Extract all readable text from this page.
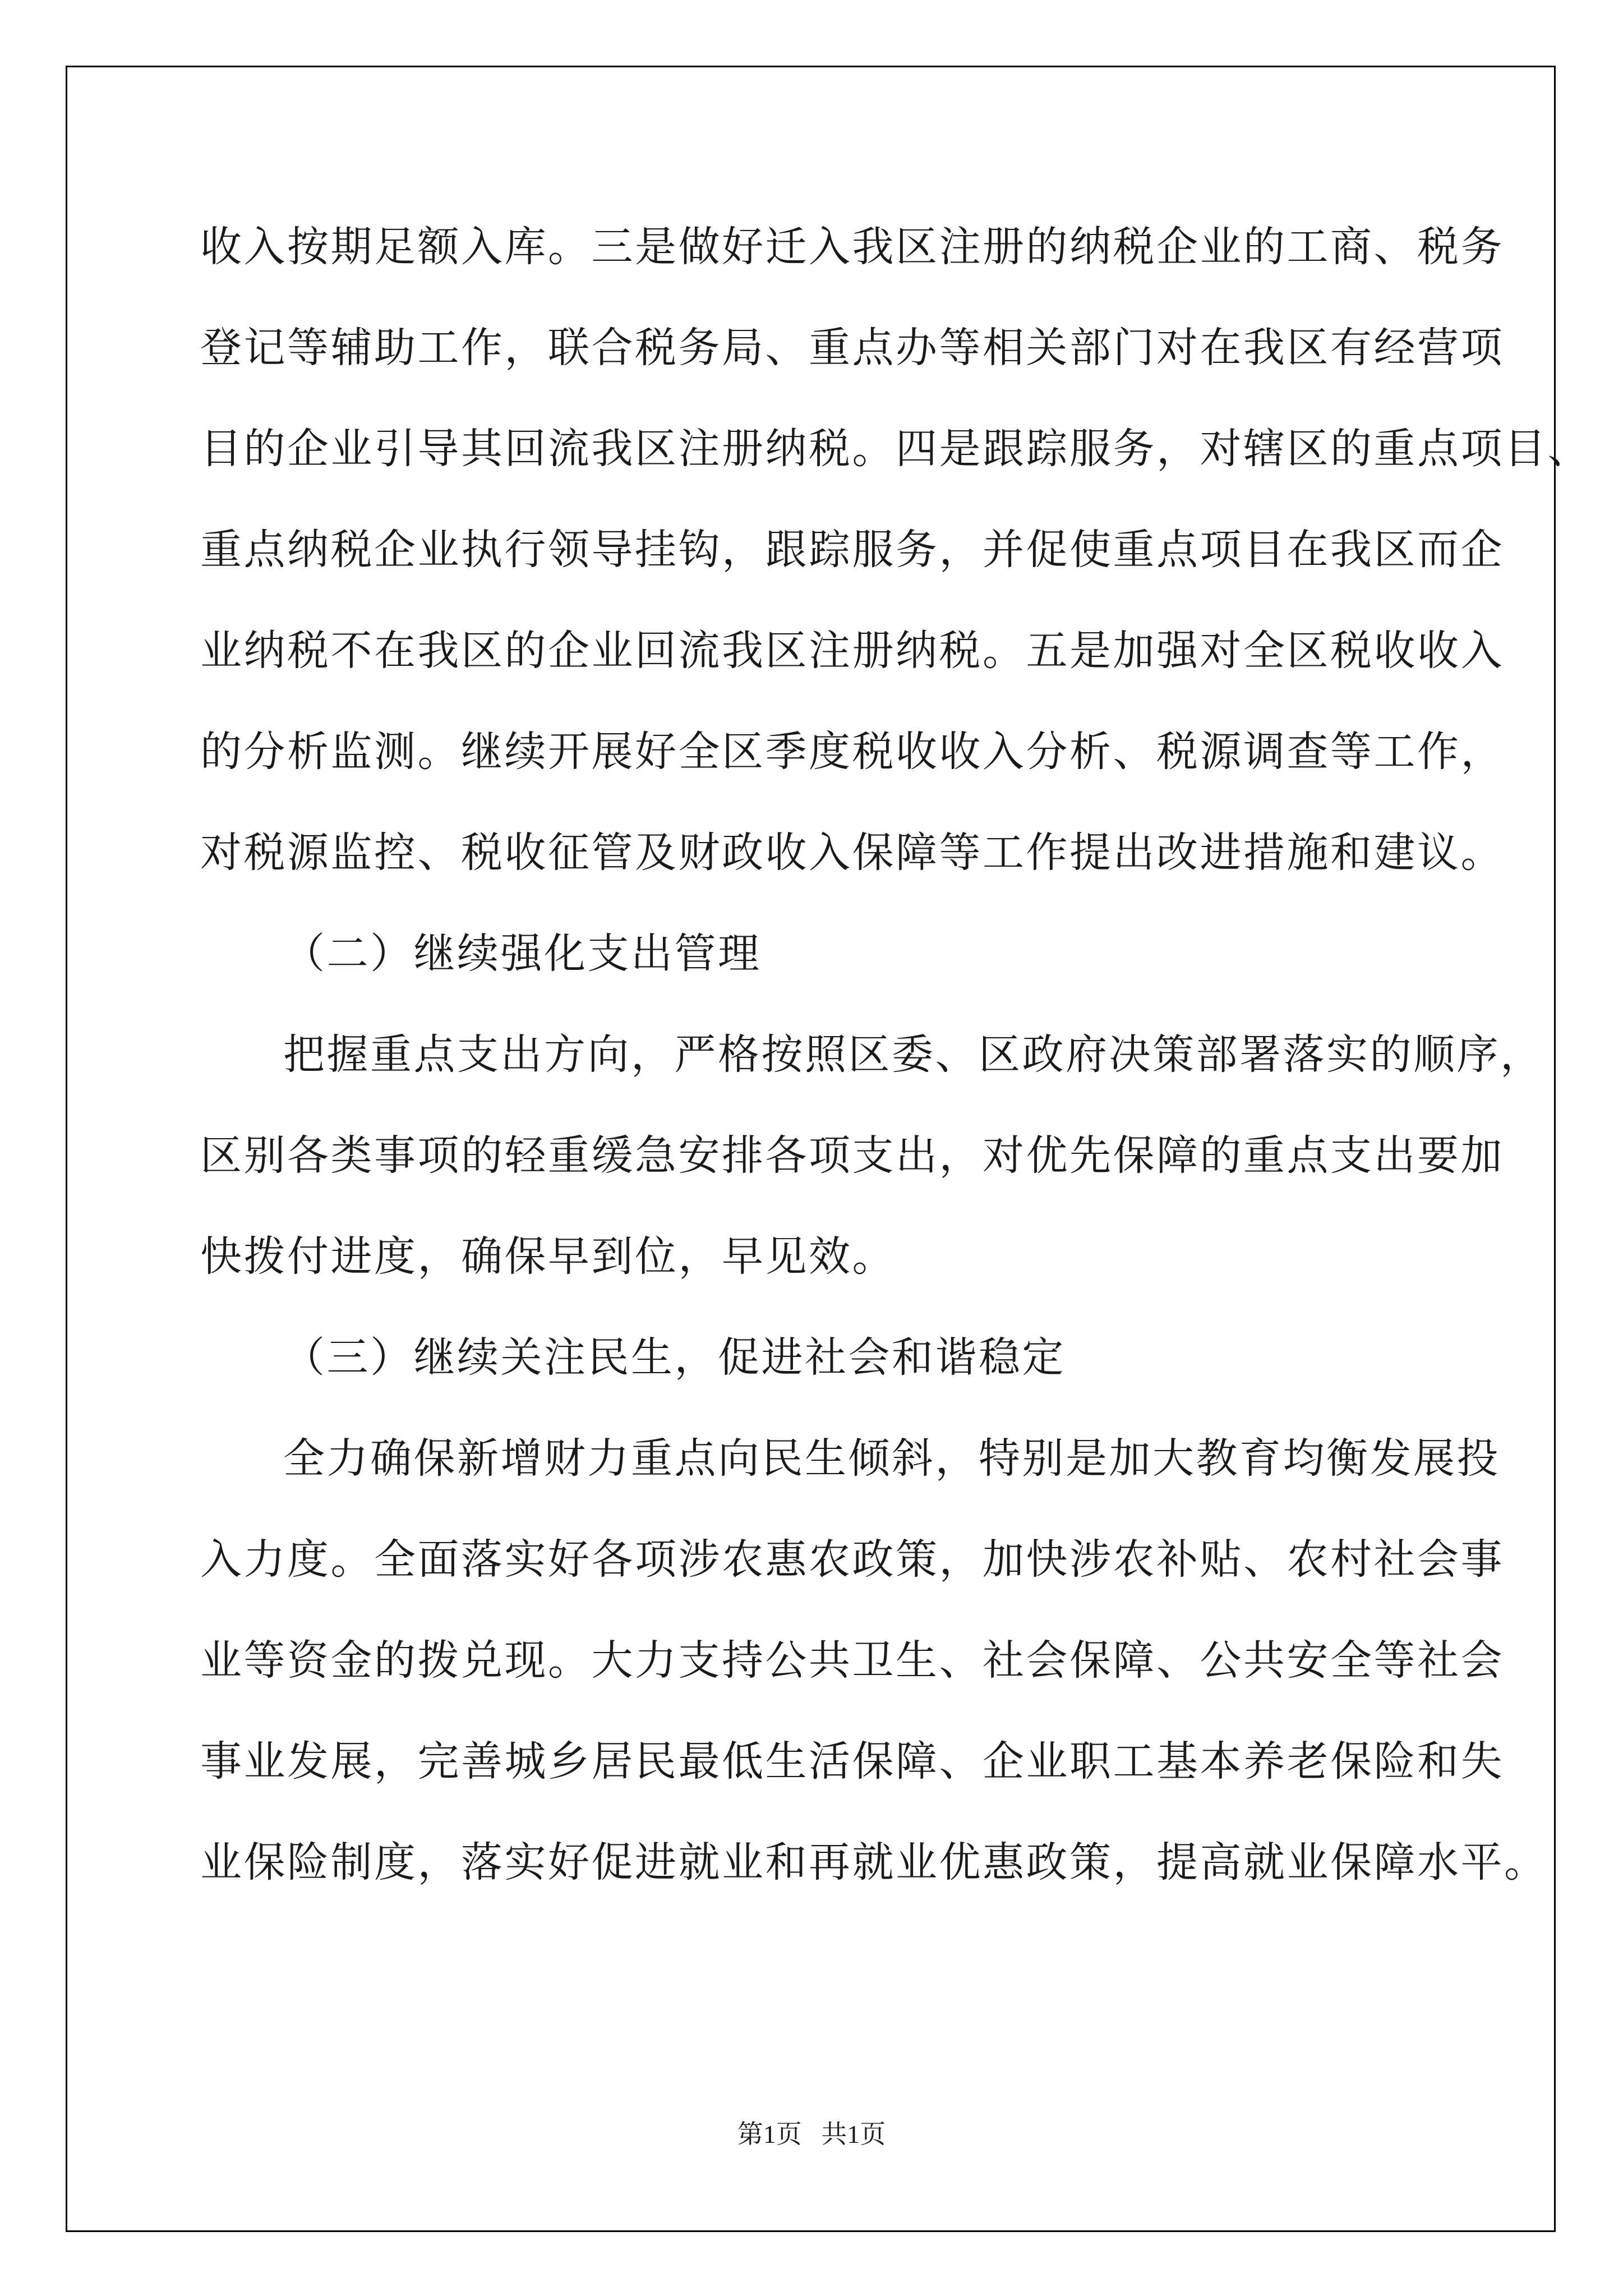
收入按期足额入库。三是做好迁入我区注册的纳税企业的工商、税务
登记等辅助工作，联合税务局、重点办等相关部门对在我区有经营项
目的企业引导其回流我区注册纳税。四是跟踪服务，对辖区的重点项目、
重点纳税企业执行领导挂钩，跟踪服务，并促使重点项目在我区而企
业纳税不在我区的企业回流我区注册纳税。五是加强对全区税收收入
的分析监测。继续开展好全区季度税收收入分析、税源调查等工作，
对税源监控、税收征管及财政收入保障等工作提出改进措施和建议。
（二）继续强化支出管理
把握重点支出方向，严格按照区委、区政府决策部署落实的顺序，
区别各类事项的轻重缓急安排各项支出，对优先保障的重点支出要加
快拨付进度，确保早到位，早见效。
（三）继续关注民生，促进社会和谐稳定
全力确保新增财力重点向民生倾斜，特别是加大教育均衡发展投
入力度。全面落实好各项涉农惠农政策，加快涉农补贴、农村社会事
业等资金的拨兑现。大力支持公共卫生、社会保障、公共安全等社会
事业发展，完善城乡居民最低生活保障、企业职工基本养老保险和失
业保险制度，落实好促进就业和再就业优惠政策，提高就业保障水平。
第1页   共1页
